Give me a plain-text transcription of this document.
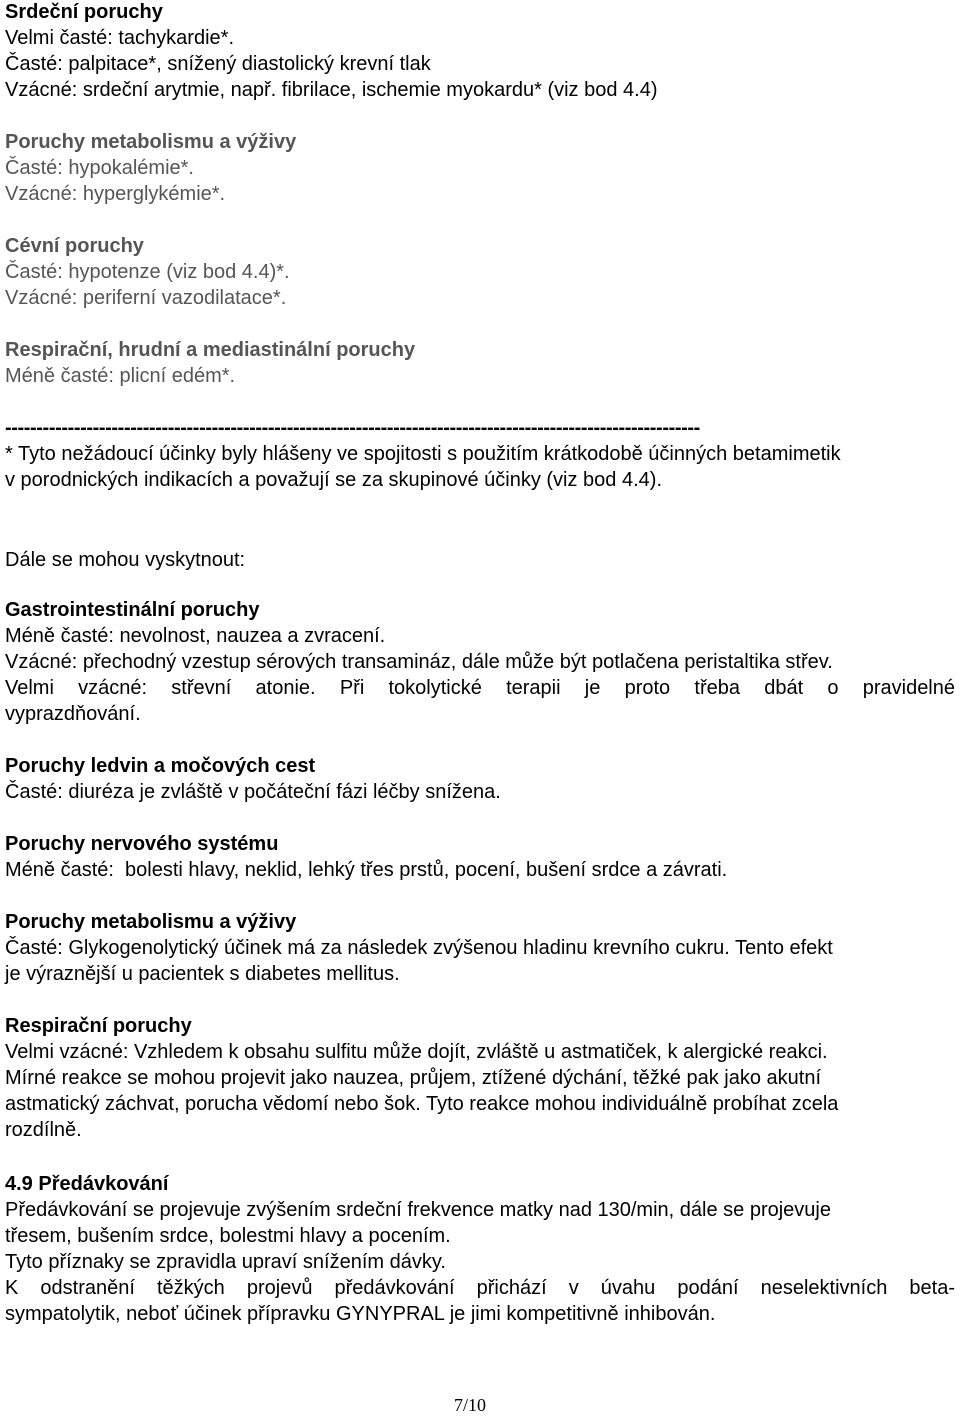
Srdeční poruchy
Velmi časté: tachykardie*.
Časté: palpitace*, snížený diastolický krevní tlak
Vzácné: srdeční arytmie, např. fibrilace, ischemie myokardu* (viz bod 4.4)
Poruchy metabolismu a výživy
Časté: hypokalémie*.
Vzácné: hyperglykémie*.
Cévní poruchy
Časté: hypotenze (viz bod 4.4)*.
Vzácné: periferní vazodilatace*.
Respirační, hrudní a mediastinální poruchy
Méně časté: plicní edém*.
---------------------------------------------------------------------------------------------------------------
* Tyto nežádoucí účinky byly hlášeny ve spojitosti s použitím krátkodobě účinných betamimetik
v porodnických indikacích a považují se za skupinové účinky (viz bod 4.4).
Dále se mohou vyskytnout:
Gastrointestinální poruchy
Méně časté: nevolnost, nauzea a zvracení.
Vzácné: přechodný vzestup sérových transamináz, dále může být potlačena peristaltika střev.
Velmi vzácné: střevní atonie. Při tokolytické terapii je proto třeba dbát o pravidelné
vyprazdňování.
Poruchy ledvin a močových cest
Časté: diuréza je zvláště v počáteční fázi léčby snížena.
Poruchy nervového systému
Méně časté:  bolesti hlavy, neklid, lehký třes prstů, pocení, bušení srdce a závrati.
Poruchy metabolismu a výživy
Časté: Glykogenolytický účinek má za následek zvýšenou hladinu krevního cukru. Tento efekt
je výraznější u pacientek s diabetes mellitus.
Respirační poruchy
Velmi vzácné: Vzhledem k obsahu sulfitu může dojít, zvláště u astmatiček, k alergické reakci.
Mírné reakce se mohou projevit jako nauzea, průjem, ztížené dýchání, těžké pak jako akutní
astmatický záchvat, porucha vědomí nebo šok. Tyto reakce mohou individuálně probíhat zcela
rozdílně.
4.9 Předávkování
Předávkování se projevuje zvýšením srdeční frekvence matky nad 130/min, dále se projevuje
třesem, bušením srdce, bolestmi hlavy a pocením.
Tyto příznaky se zpravidla upraví snížením dávky.
K odstranění těžkých projevů předávkování přichází v úvahu podání neselektivních beta-
sympatolytik, neboť účinek přípravku GYNYPRAL je jimi kompetitivně inhibován.
7/10
